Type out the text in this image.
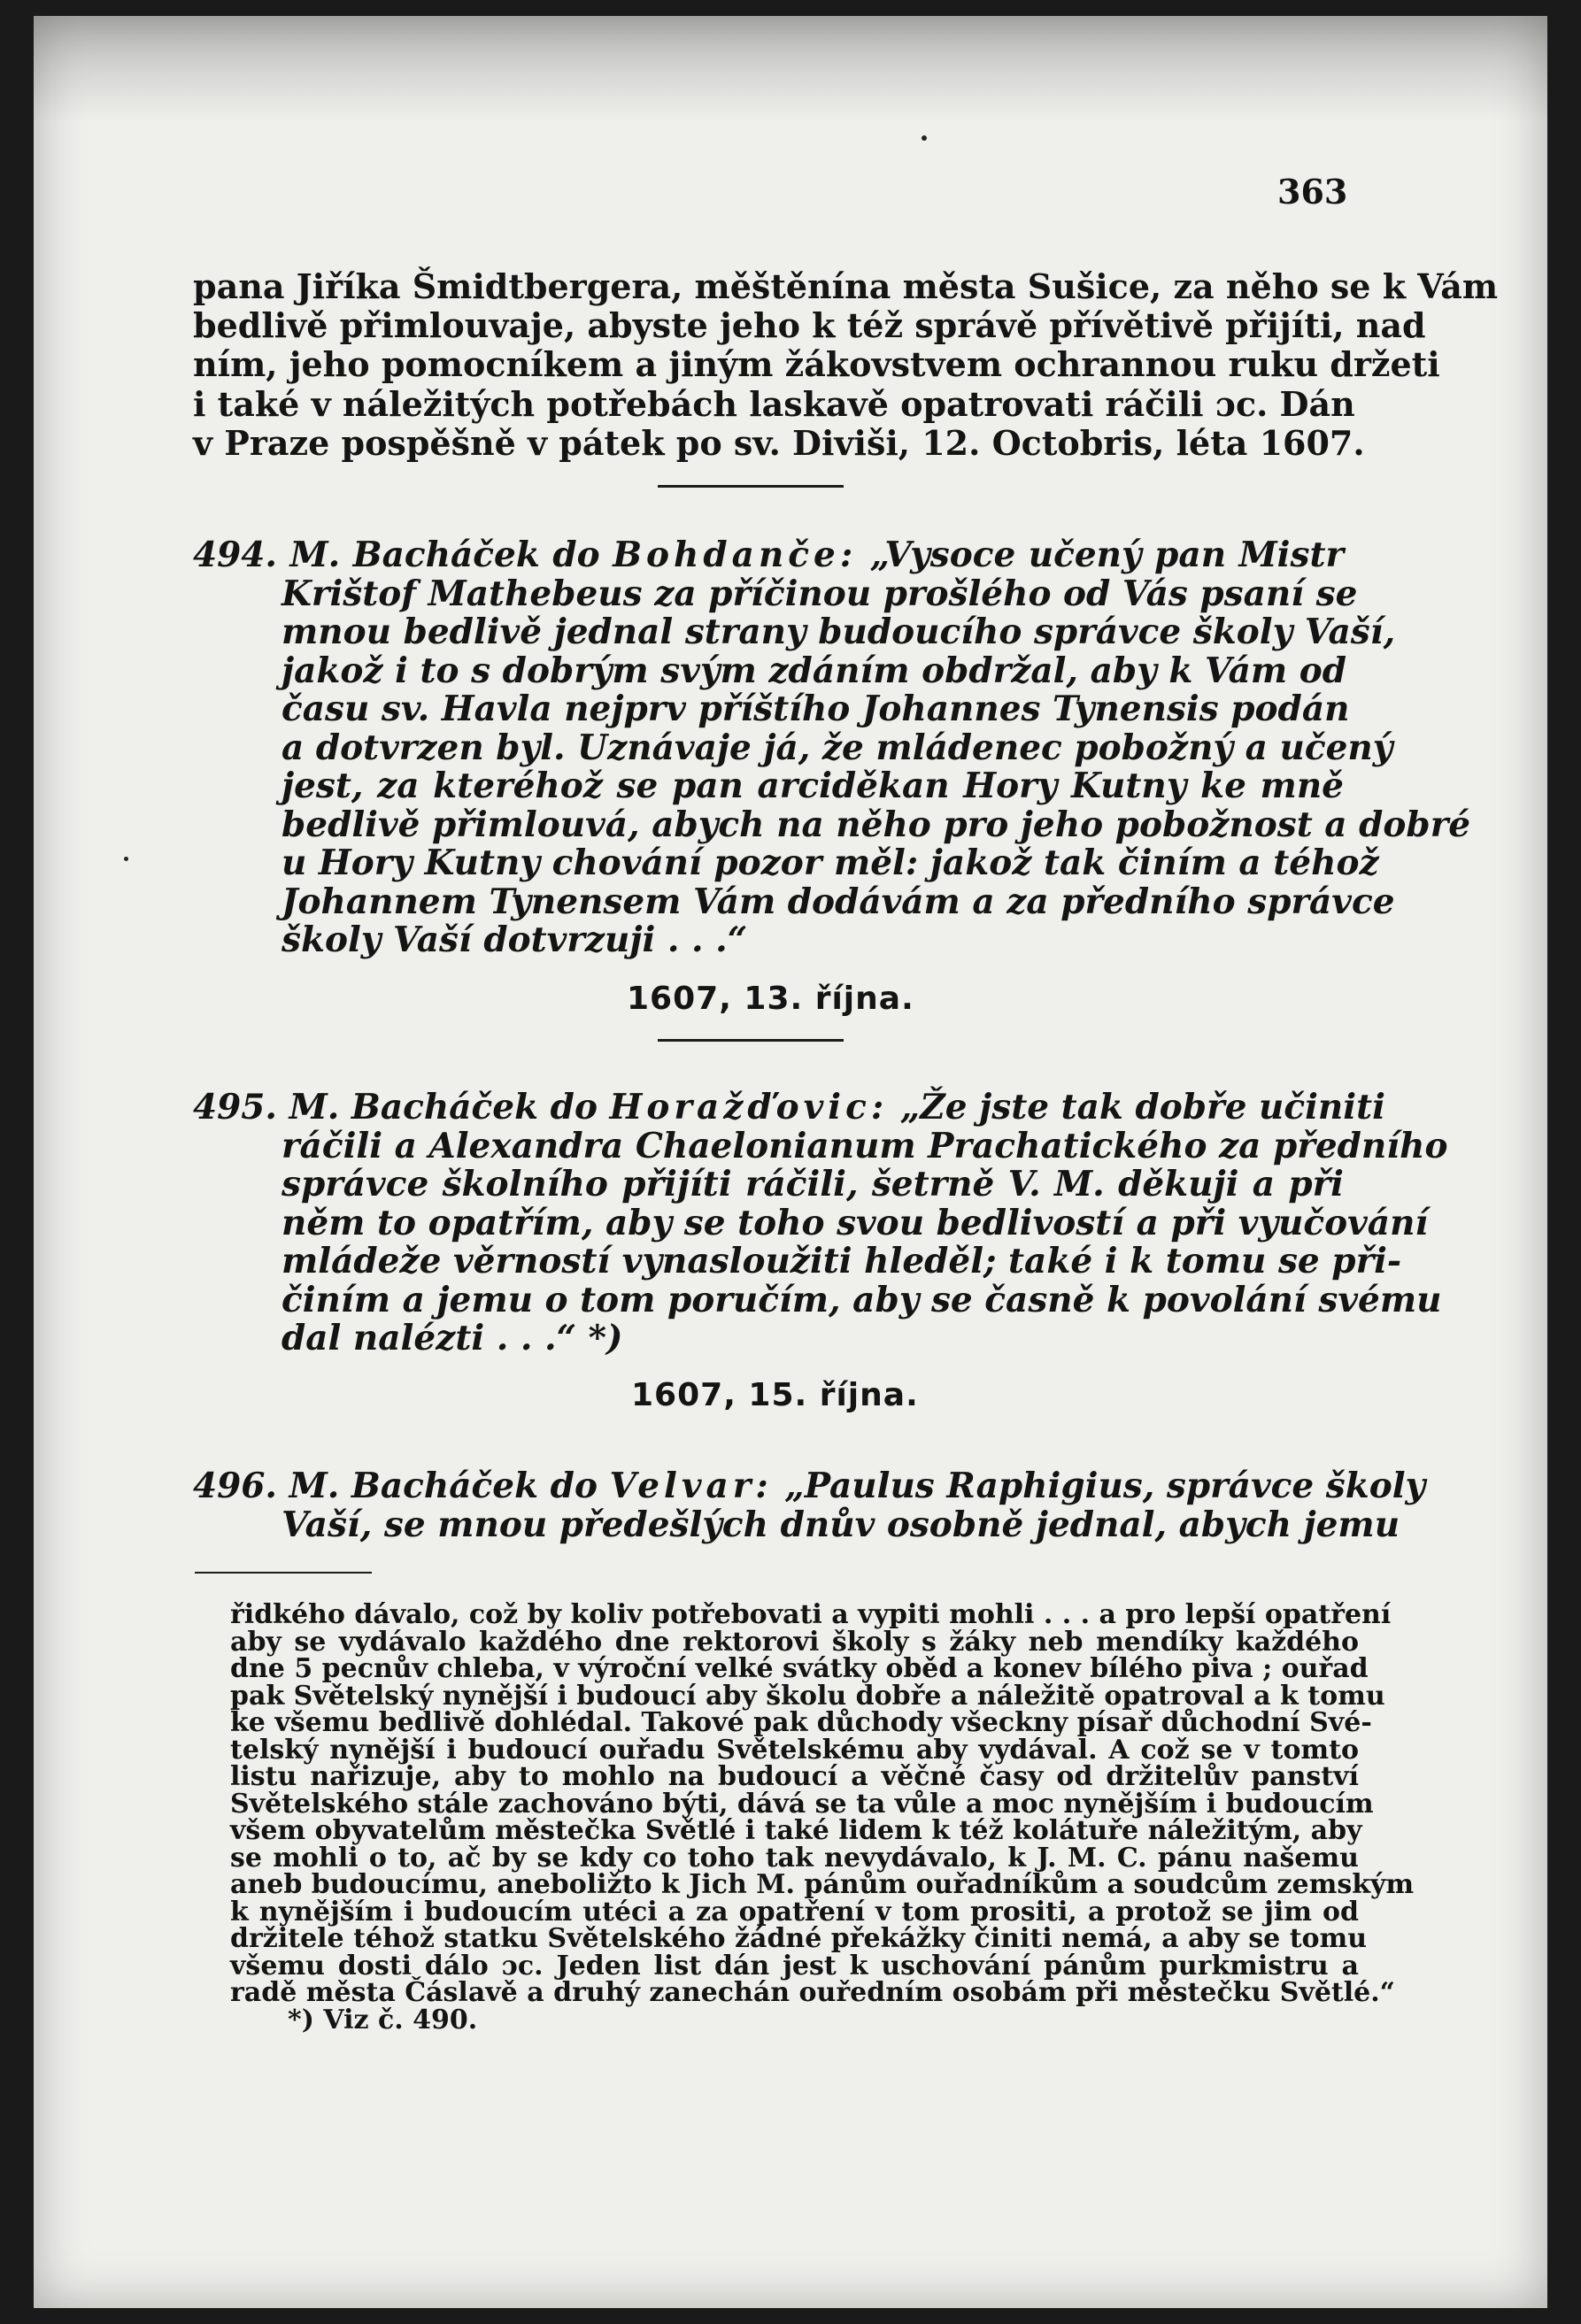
363
pana Jiříka Šmidtbergera, měštěnína města Sušice, za něho se k Vám
bedlivě přimlouvaje, abyste jeho k též správě přívětivě přijíti, nad
ním, jeho pomocníkem a jiným žákovstvem ochrannou ruku držeti
i také v náležitých potřebách laskavě opatrovati ráčili ɔc. Dán
v Praze pospěšně v pátek po sv. Diviši, 12. Octobris, léta 1607.
494. M. Bacháček do Bohdanče: „Vysoce učený pan Mistr
Krištof Mathebeus za příčinou prošlého od Vás psaní se
mnou bedlivě jednal strany budoucího správce školy Vaší,
jakož i to s dobrým svým zdáním obdržal, aby k Vám od
času sv. Havla nejprv příštího Johannes Tynensis podán
a dotvrzen byl. Uznávaje já, že mládenec pobožný a učený
jest, za kteréhož se pan arciděkan Hory Kutny ke mně
bedlivě přimlouvá, abych na něho pro jeho pobožnost a dobré
u Hory Kutny chování pozor měl: jakož tak činím a téhož
Johannem Tynensem Vám dodávám a za předního správce
školy Vaší dotvrzuji . . .“
1607, 13. října.
495. M. Bacháček do Horažďovic: „Že jste tak dobře učiniti
ráčili a Alexandra Chaelonianum Prachatického za předního
správce školního přijíti ráčili, šetrně V. M. děkuji a při
něm to opatřím, aby se toho svou bedlivostí a při vyučování
mládeže věrností vynasloužiti hleděl; také i k tomu se při-
činím a jemu o tom poručím, aby se časně k povolání svému
dal nalézti . . .“ *)
1607, 15. října.
496. M. Bacháček do Velvar: „Paulus Raphigius, správce školy
Vaší, se mnou předešlých dnův osobně jednal, abych jemu
řidkého dávalo, což by koliv potřebovati a vypiti mohli . . . a pro lepší opatření
aby se vydávalo každého dne rektorovi školy s žáky neb mendíky každého
dne 5 pecnův chleba, v výroční velké svátky oběd a konev bílého piva ; ouřad
pak Světelský nynější i budoucí aby školu dobře a náležitě opatroval a k tomu
ke všemu bedlivě dohlédal. Takové pak důchody všeckny písař důchodní Své-
telský nynější i budoucí ouřadu Světelskému aby vydával. A což se v tomto
listu nařizuje, aby to mohlo na budoucí a věčné časy od držitelův panství
Světelského stále zachováno býti, dává se ta vůle a moc nynějším i budoucím
všem obyvatelům městečka Světlé i také lidem k též kolátuře náležitým, aby
se mohli o to, ač by se kdy co toho tak nevydávalo, k J. M. C. pánu našemu
aneb budoucímu, aneboližto k Jich M. pánům ouřadníkům a soudcům zemským
k nynějším i budoucím utéci a za opatření v tom prositi, a protož se jim od
držitele téhož statku Světelského žádné překážky činiti nemá, a aby se tomu
všemu dosti dálo ɔc. Jeden list dán jest k uschování pánům purkmistru a
radě města Čáslavě a druhý zanechán ouředním osobám při městečku Světlé.“
*) Viz č. 490.
